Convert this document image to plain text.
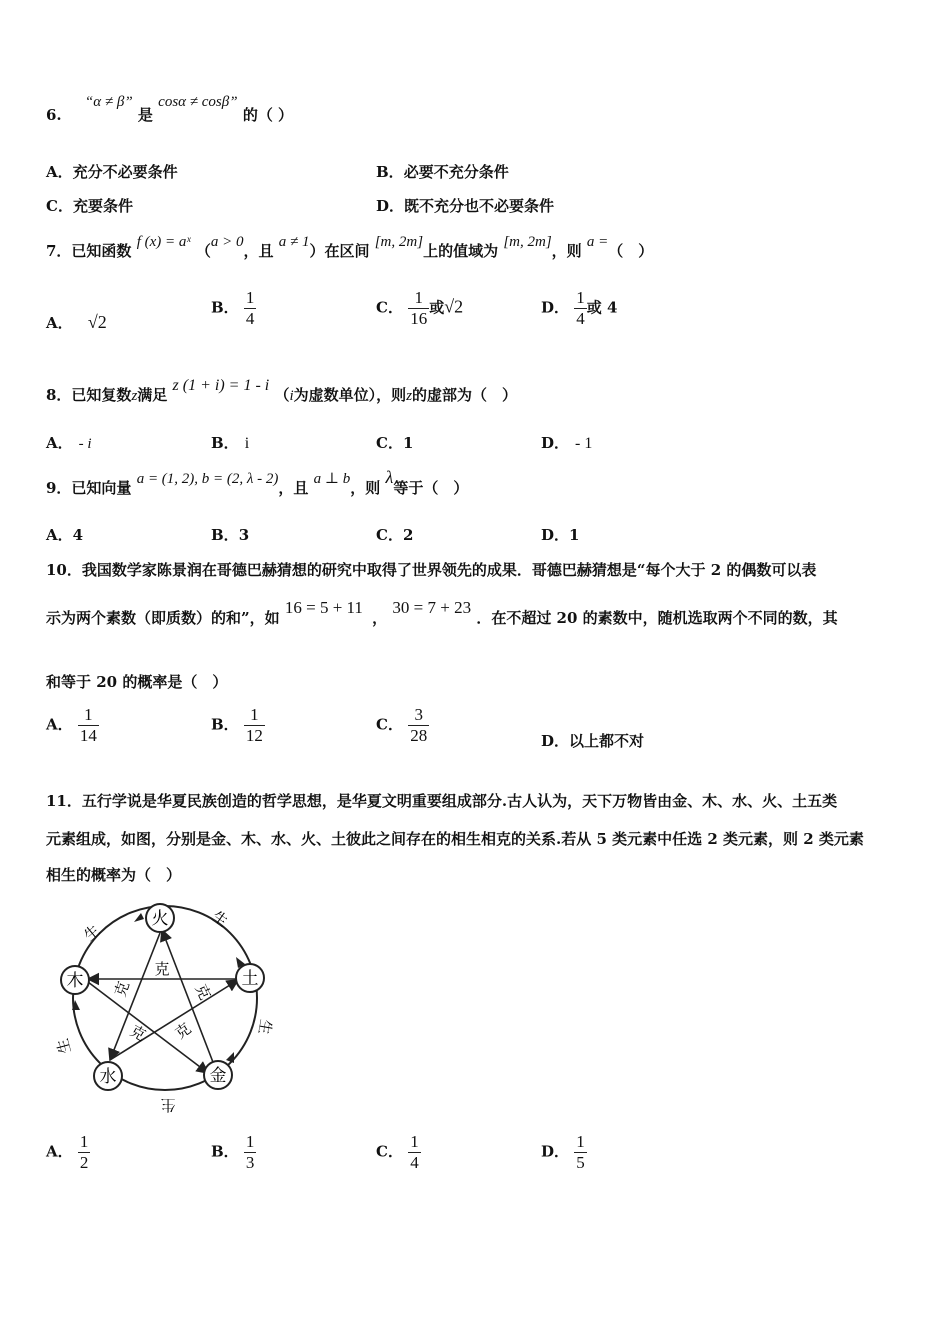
6. “α ≠ β” 是 cosα ≠ cosβ” 的（ ）
A．充分不必要条件	B．必要不充分条件
C．充要条件	D．既不充分也不必要条件
7．已知函数 f (x) = aˣ （a > 0，且 a ≠ 1）在区间 [m, 2m]上的值域为 [m, 2m]，则 a =（　）
A． √2
B． $\frac{1}{4}$	C． $\frac{1}{16}$ 或√2	D． $\frac{1}{4}$ 或 4
8．已知复数z满足 z (1 + i) = 1 - i （i为虚数单位），则z的虚部为（　）
A． - i	B． i	C．1	D． - 1
9．已知向量 a = (1, 2), b = (2, λ - 2)，且 a ⊥ b，则 λ等于（　）
A．4	B．3	C．2	D．1
10．我国数学家陈景润在哥德巴赫猜想的研究中取得了世界领先的成果．哥德巴赫猜想是“每个大于 2 的偶数可以表
示为两个素数（即质数）的和”，如 16 = 5 + 11 ， 30 = 7 + 23 ．在不超过 20 的素数中，随机选取两个不同的数，其
和等于 20 的概率是（　）
A． $\frac{1}{14}$	B． $\frac{1}{12}$	C． $\frac{3}{28}$	D．以上都不对
11．五行学说是华夏民族创造的哲学思想，是华夏文明重要组成部分.古人认为，天下万物皆由金、木、水、火、土五类
元素组成，如图，分别是金、木、水、火、土彼此之间存在的相生相克的关系.若从 5 类元素中任选 2 类元素，则 2 类元素
相生的概率为（　）
火
土
金
水
木
生
生
生
生
生
克
克	克
克 克
A． $\frac{1}{2}$	B． $\frac{1}{3}$	C． $\frac{1}{4}$	D． $\frac{1}{5}$
